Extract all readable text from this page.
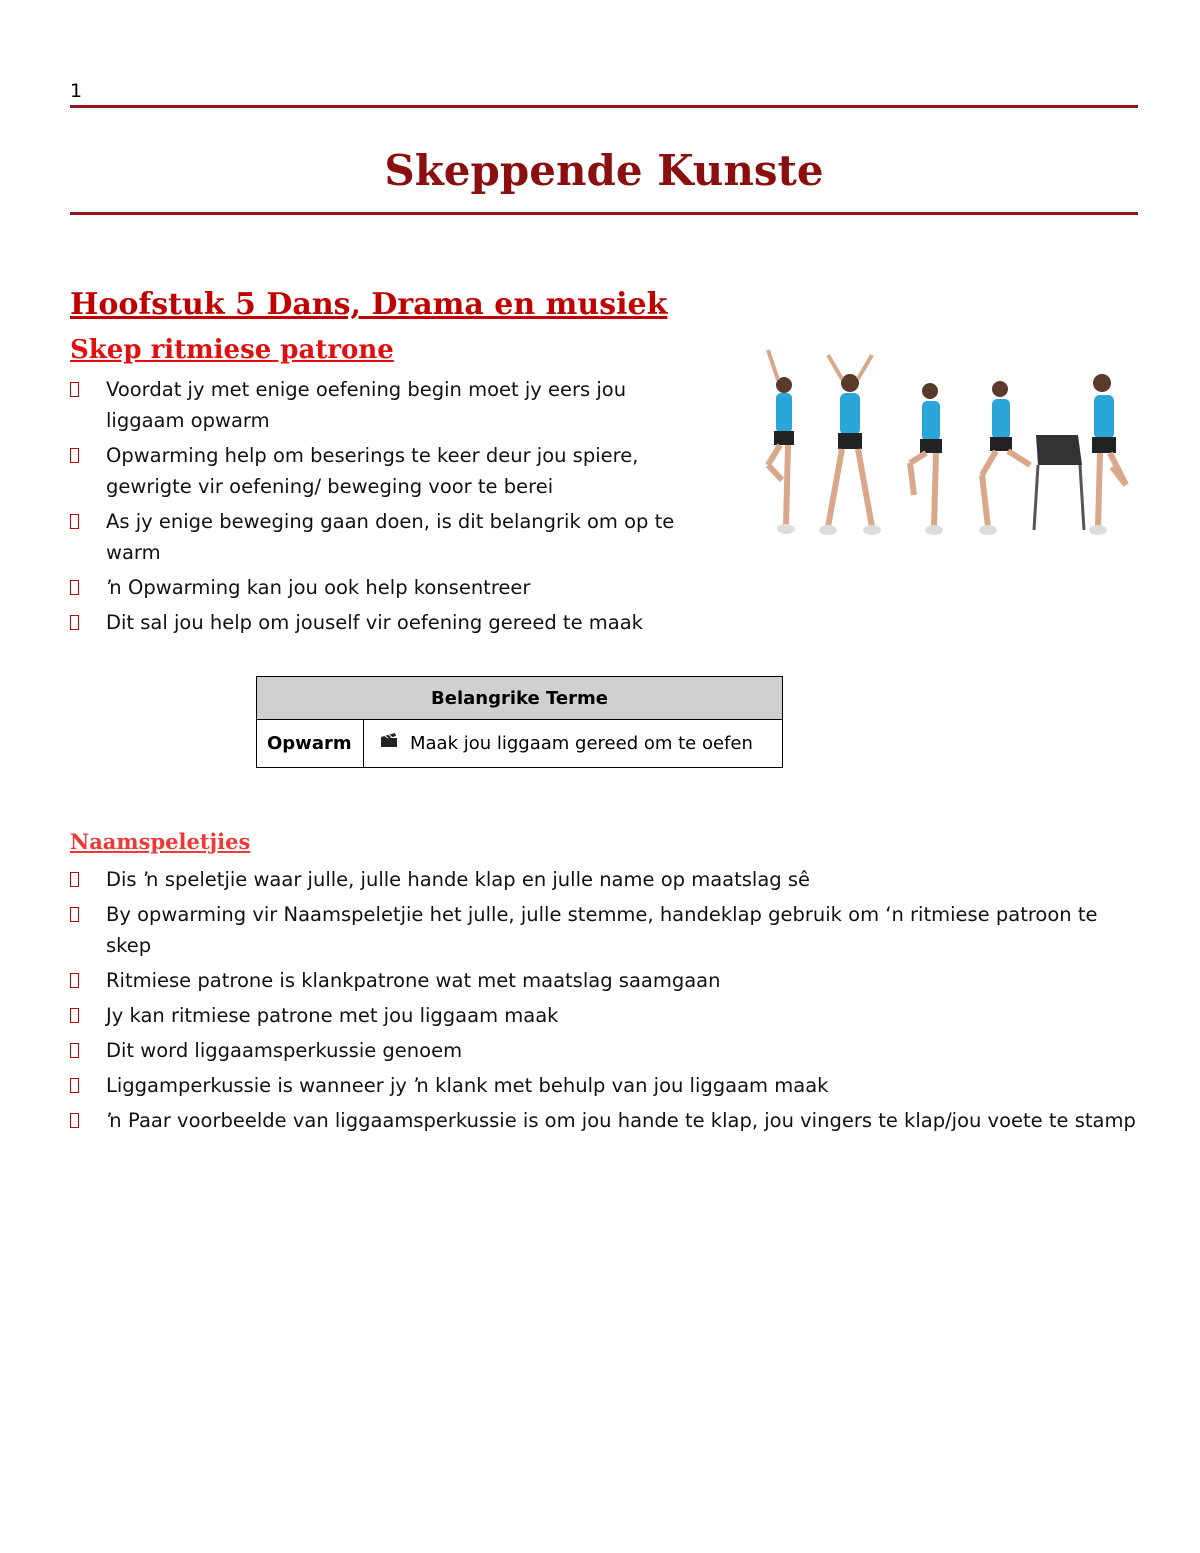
1
Skeppende Kunste
Hoofstuk 5 Dans, Drama en musiek
Skep ritmiese patrone
Voordat jy met enige oefening begin moet jy eers jou liggaam opwarm
Opwarming help om beserings te keer deur jou spiere, gewrigte vir oefening/ beweging voor te berei
As jy enige beweging gaan doen, is dit belangrik om op te warm
ŉ Opwarming kan jou ook help konsentreer
Dit sal jou help om jouself vir oefening gereed te maak
Belangrike Terme
Opwarm	Maak jou liggaam gereed om te oefen
Naamspeletjies
Dis ŉ speletjie waar julle, julle hande klap en julle name op maatslag sê
By opwarming vir Naamspeletjie het julle, julle stemme, handeklap gebruik om ‘n ritmiese patroon te skep
Ritmiese patrone is klankpatrone wat met maatslag saamgaan
Jy kan ritmiese patrone met jou liggaam maak
Dit word liggaamsperkussie genoem
Liggamperkussie is wanneer jy ŉ klank met behulp van jou liggaam maak
ŉ Paar voorbeelde van liggaamsperkussie is om jou hande te klap, jou vingers te klap/jou voete te stamp
